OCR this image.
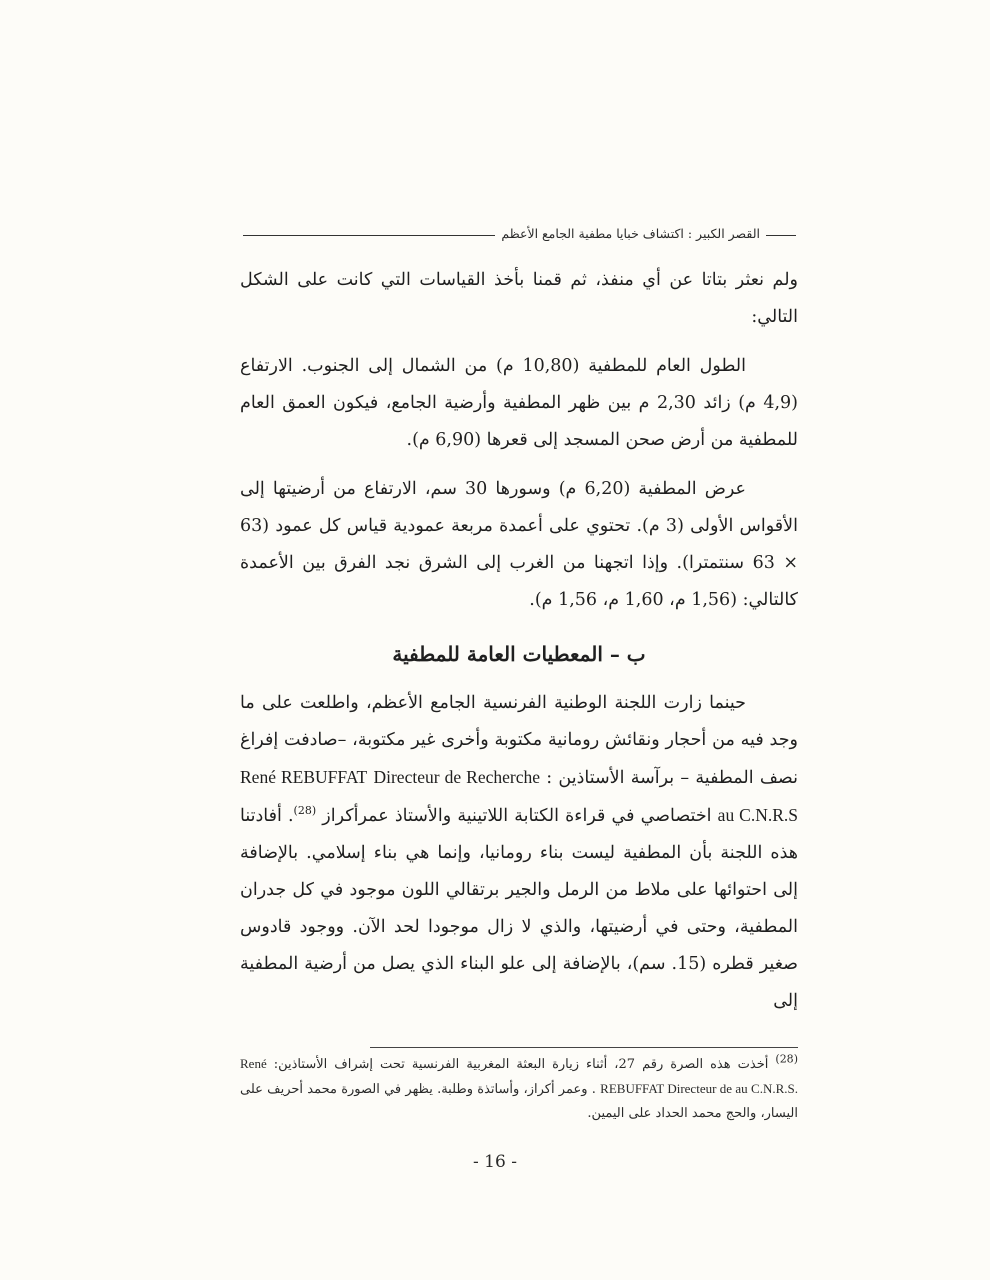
القصر الكبير : اكتشاف خبايا مطفية الجامع الأعظم

ولم نعثر بتاتا عن أي منفذ، ثم قمنا بأخذ القياسات التي كانت على الشكل التالي:

الطول العام للمطفية (10,80 م) من الشمال إلى الجنوب. الارتفاع (4,9 م) زائد 2,30 م بين ظهر المطفية وأرضية الجامع، فيكون العمق العام للمطفية من أرض صحن المسجد إلى قعرها (6,90 م).

عرض المطفية (6,20 م) وسورها 30 سم، الارتفاع من أرضيتها إلى الأقواس الأولى (3 م). تحتوي على أعمدة مربعة عمودية قياس كل عمود (63 × 63 سنتمترا). وإذا اتجهنا من الغرب إلى الشرق نجد الفرق بين الأعمدة كالتالي: (1,56 م، 1,60 م، 1,56 م).

ب – المعطيات العامة للمطفية

حينما زارت اللجنة الوطنية الفرنسية الجامع الأعظم، واطلعت على ما وجد فيه من أحجار ونقائش رومانية مكتوبة وأخرى غير مكتوبة، –صادفت إفراغ نصف المطفية – برآسة الأستاذين : René REBUFFAT Directeur de Recherche au C.N.R.S اختصاصي في قراءة الكتابة اللاتينية والأستاذ عمرأكراز $^{(28)}$. أفادتنا هذه اللجنة بأن المطفية ليست بناء رومانيا، وإنما هي بناء إسلامي. بالإضافة إلى احتوائها على ملاط من الرمل والجير برتقالي اللون موجود في كل جدران المطفية، وحتى في أرضيتها، والذي لا زال موجودا لحد الآن. ووجود قادوس صغير قطره (15. سم)، بالإضافة إلى علو البناء الذي يصل من أرضية المطفية إلى

$^{(28)}$ أخذت هذه الصرة رقم 27، أثناء زيارة البعثة المغربية الفرنسية تحت إشراف الأستاذين: René REBUFFAT Directeur de au C.N.R.S. . وعمر أكراز، وأساتذة وطلبة. يظهر في الصورة محمد أحريف على اليسار، والحج محمد الحداد على اليمين.

- 16 -
